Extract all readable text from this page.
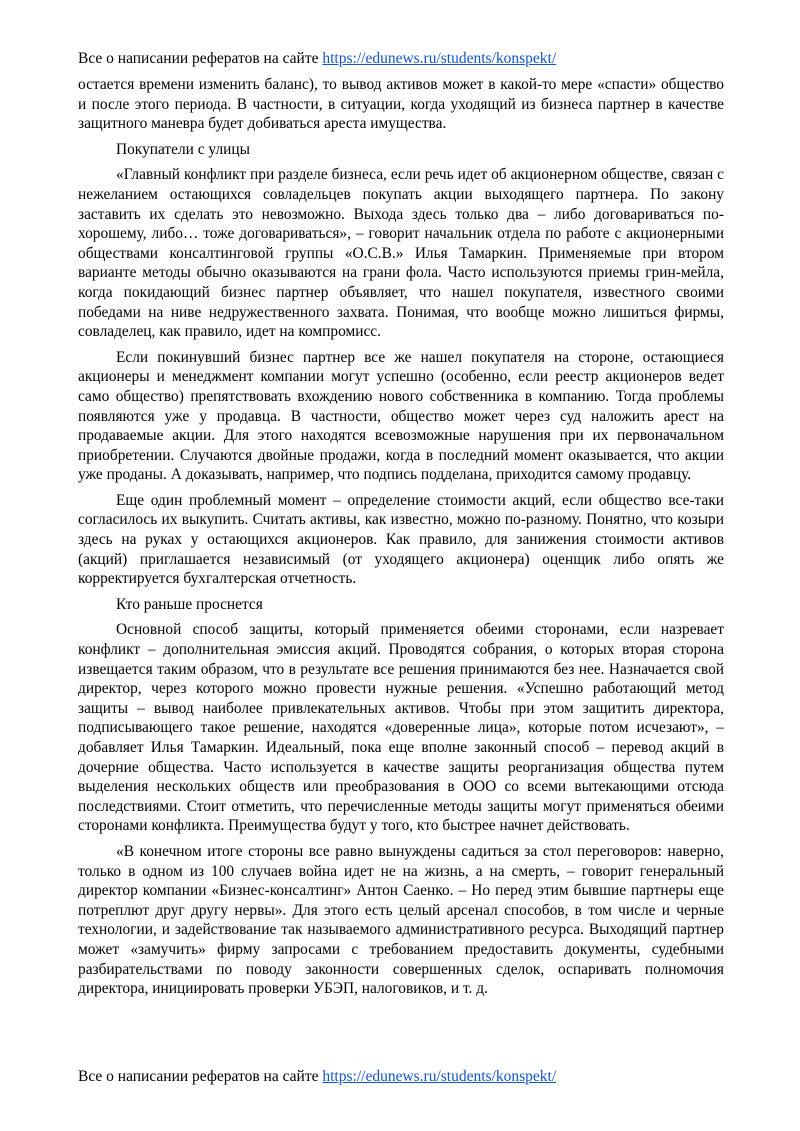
Все о написании рефератов на сайте https://edunews.ru/students/konspekt/

остается времени изменить баланс), то вывод активов может в какой-то мере «спасти» общество и после этого периода. В частности, в ситуации, когда уходящий из бизнеса партнер в качестве защитного маневра будет добиваться ареста имущества.

Покупатели с улицы

«Главный конфликт при разделе бизнеса, если речь идет об акционерном обществе, связан с нежеланием остающихся совладельцев покупать акции выходящего партнера. По закону заставить их сделать это невозможно. Выхода здесь только два – либо договариваться по-хорошему, либо… тоже договариваться», – говорит начальник отдела по работе с акционерными обществами консалтинговой группы «О.С.В.» Илья Тамаркин. Применяемые при втором варианте методы обычно оказываются на грани фола. Часто используются приемы грин-мейла, когда покидающий бизнес партнер объявляет, что нашел покупателя, известного своими победами на ниве недружественного захвата. Понимая, что вообще можно лишиться фирмы, совладелец, как правило, идет на компромисс.

Если покинувший бизнес партнер все же нашел покупателя на стороне, остающиеся акционеры и менеджмент компании могут успешно (особенно, если реестр акционеров ведет само общество) препятствовать вхождению нового собственника в компанию. Тогда проблемы появляются уже у продавца. В частности, общество может через суд наложить арест на продаваемые акции. Для этого находятся всевозможные нарушения при их первоначальном приобретении. Случаются двойные продажи, когда в последний момент оказывается, что акции уже проданы. А доказывать, например, что подпись подделана, приходится самому продавцу.

Еще один проблемный момент – определение стоимости акций, если общество все-таки согласилось их выкупить. Считать активы, как известно, можно по-разному. Понятно, что козыри здесь на руках у остающихся акционеров. Как правило, для занижения стоимости активов (акций) приглашается независимый (от уходящего акционера) оценщик либо опять же корректируется бухгалтерская отчетность.

Кто раньше проснется

Основной способ защиты, который применяется обеими сторонами, если назревает конфликт – дополнительная эмиссия акций. Проводятся собрания, о которых вторая сторона извещается таким образом, что в результате все решения принимаются без нее. Назначается свой директор, через которого можно провести нужные решения. «Успешно работающий метод защиты – вывод наиболее привлекательных активов. Чтобы при этом защитить директора, подписывающего такое решение, находятся «доверенные лица», которые потом исчезают», – добавляет Илья Тамаркин. Идеальный, пока еще вполне законный способ – перевод акций в дочерние общества. Часто используется в качестве защиты реорганизация общества путем выделения нескольких обществ или преобразования в ООО со всеми вытекающими отсюда последствиями. Стоит отметить, что перечисленные методы защиты могут применяться обеими сторонами конфликта. Преимущества будут у того, кто быстрее начнет действовать.

«В конечном итоге стороны все равно вынуждены садиться за стол переговоров: наверно, только в одном из 100 случаев война идет не на жизнь, а на смерть, – говорит генеральный директор компании «Бизнес-консалтинг» Антон Саенко. – Но перед этим бывшие партнеры еще потреплют друг другу нервы». Для этого есть целый арсенал способов, в том числе и черные технологии, и задействование так называемого административного ресурса. Выходящий партнер может «замучить» фирму запросами с требованием предоставить документы, судебными разбирательствами по поводу законности совершенных сделок, оспаривать полномочия директора, инициировать проверки УБЭП, налоговиков, и т. д.

Все о написании рефератов на сайте https://edunews.ru/students/konspekt/
